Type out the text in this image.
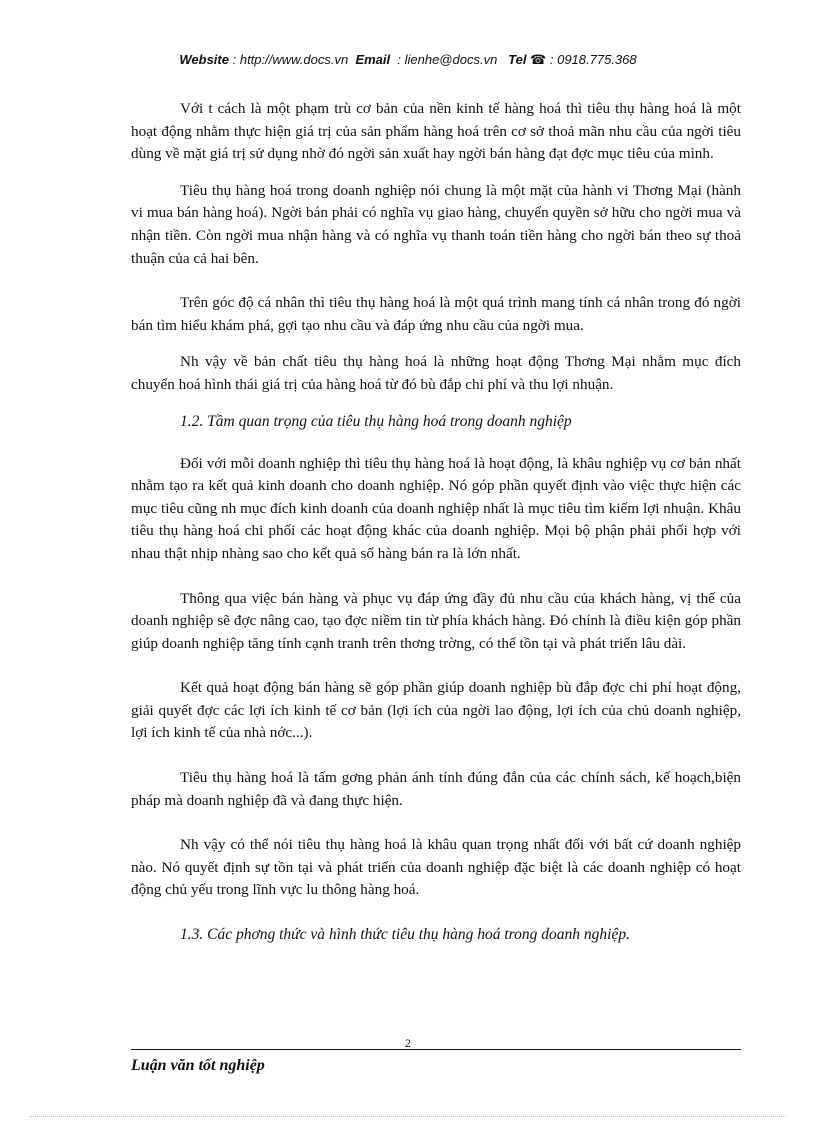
Website : http://www.docs.vn Email : lienhe@docs.vn Tel ☎ : 0918.775.368

Với t cách là một phạm trù cơ bản của nền kinh tế hàng hoá thì tiêu thụ hàng hoá là một hoạt động nhằm thực hiện giá trị của sản phẩm hàng hoá trên cơ sở thoả mãn nhu cầu của ngời tiêu dùng về mặt giá trị sử dụng nhờ đó ngời sản xuất hay ngời bán hàng đạt đợc mục tiêu của mình.

Tiêu thụ hàng hoá trong doanh nghiệp nói chung là một mặt của hành vi Thơng Mại (hành vi mua bán hàng hoá). Ngời bán phải có nghĩa vụ giao hàng, chuyển quyền sở hữu cho ngời mua và nhận tiền. Còn ngời mua nhận hàng và có nghĩa vụ thanh toán tiền hàng cho ngời bán theo sự thoả thuận của cả hai bên.

Trên góc độ cá nhân thì tiêu thụ hàng hoá là một quá trình mang tính cá nhân trong đó ngời bán tìm hiểu khám phá, gợi tạo nhu cầu và đáp ứng nhu cầu của ngời mua.

Nh vậy về bản chất tiêu thụ hàng hoá là những hoạt động Thơng Mại nhằm mục đích chuyển hoá hình thái giá trị của hàng hoá từ đó bù đắp chi phí và thu lợi nhuận.

1.2. Tầm quan trọng của tiêu thụ hàng hoá trong doanh nghiệp

Đối với mỗi doanh nghiệp thì tiêu thụ hàng hoá là hoạt động, là khâu nghiệp vụ cơ bản nhất nhằm tạo ra kết quả kinh doanh cho doanh nghiệp. Nó góp phần quyết định vào việc thực hiện các mục tiêu cũng nh mục đích kinh doanh của doanh nghiệp nhất là mục tiêu tìm kiếm lợi nhuận. Khâu tiêu thụ hàng hoá chi phối các hoạt động khác của doanh nghiệp. Mọi bộ phận phải phối hợp với nhau thật nhịp nhàng sao cho kết quả số hàng bán ra là lớn nhất.

Thông qua việc bán hàng và phục vụ đáp ứng đầy đủ nhu cầu của khách hàng, vị thế của doanh nghiệp sẽ đợc nâng cao, tạo đợc niềm tin từ phía khách hàng. Đó chính là điều kiện góp phần giúp doanh nghiệp tăng tính cạnh tranh trên thơng trờng, có thể tồn tại và phát triển lâu dài.

Kết quả hoạt động bán hàng sẽ góp phần giúp doanh nghiệp bù đắp đợc chi phí hoạt động, giải quyết đợc các lợi ích kinh tế cơ bản (lợi ích của ngời lao động, lợi ích của chủ doanh nghiệp, lợi ích kinh tế của nhà nớc...).

Tiêu thụ hàng hoá là tấm gơng phản ánh tính đúng đắn của các chính sách, kế hoạch,biện pháp mà doanh nghiệp đã và đang thực hiện.

Nh vậy có thể nói tiêu thụ hàng hoá là khâu quan trọng nhất đối với bất cứ doanh nghiệp nào. Nó quyết định sự tồn tại và phát triển của doanh nghiệp đặc biệt là các doanh nghiệp có hoạt động chủ yếu trong lĩnh vực lu thông hàng hoá.

1.3. Các phơng thức và hình thức tiêu thụ hàng hoá trong doanh nghiệp.

2
Luận văn tốt nghiệp
